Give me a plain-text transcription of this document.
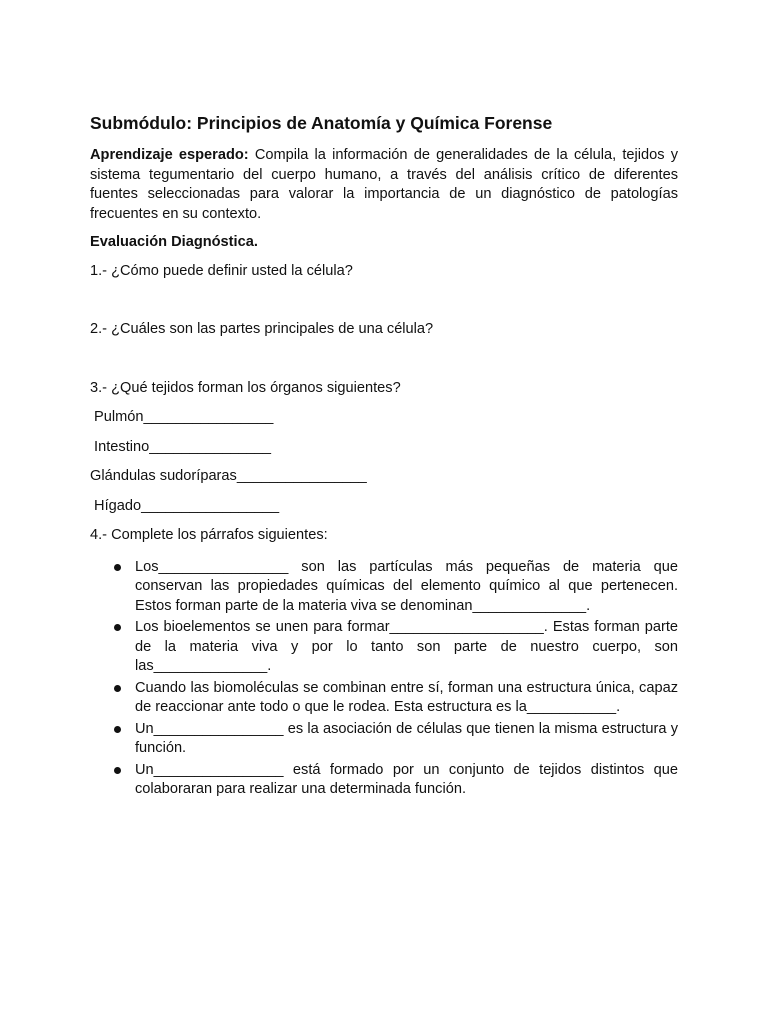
Submódulo: Principios de Anatomía y Química Forense

Aprendizaje esperado: Compila la información de generalidades de la célula, tejidos y sistema tegumentario del cuerpo humano, a través del análisis crítico de diferentes fuentes seleccionadas para valorar la importancia de un diagnóstico de patologías frecuentes en su contexto.

Evaluación Diagnóstica.

1.- ¿Cómo puede definir usted la célula?

2.- ¿Cuáles son las partes principales de una célula?

3.- ¿Qué tejidos forman los órganos siguientes?

Pulmón________________

Intestino_______________

Glándulas sudoríparas________________

Hígado_________________

4.- Complete los párrafos siguientes:

Los________________ son las partículas más pequeñas de materia que conservan las propiedades químicas del elemento químico al que pertenecen. Estos forman parte de la materia viva se denominan______________.
Los bioelementos se unen para formar___________________. Estas forman parte de la materia viva y por lo tanto son parte de nuestro cuerpo, son las______________.
Cuando las biomoléculas se combinan entre sí, forman una estructura única, capaz de reaccionar ante todo o que le rodea. Esta estructura es la___________.
Un________________ es la asociación de células que tienen la misma estructura y función.
Un________________ está formado por un conjunto de tejidos distintos que colaboraran para realizar una determinada función.
